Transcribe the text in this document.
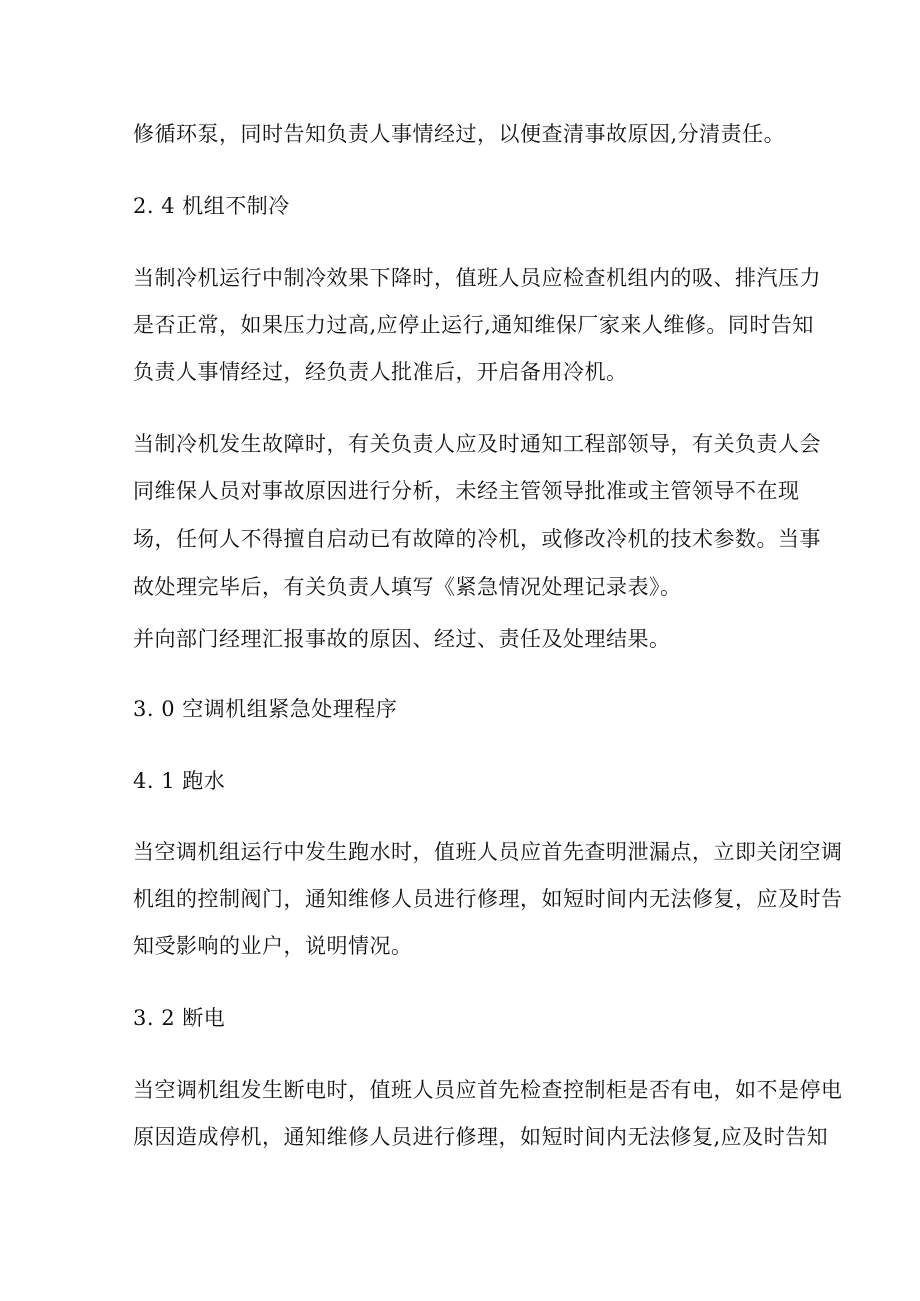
修循环泵，同时告知负责人事情经过，以便查清事故原因,分清责任。
2. 4 机组不制冷
当制冷机运行中制冷效果下降时，值班人员应检查机组内的吸、排汽压力
是否正常，如果压力过高,应停止运行,通知维保厂家来人维修。同时告知
负责人事情经过，经负责人批准后，开启备用冷机。
当制冷机发生故障时，有关负责人应及时通知工程部领导，有关负责人会
同维保人员对事故原因进行分析，未经主管领导批准或主管领导不在现
场，任何人不得擅自启动已有故障的冷机，或修改冷机的技术参数。当事
故处理完毕后，有关负责人填写《紧急情况处理记录表》。
并向部门经理汇报事故的原因、经过、责任及处理结果。
3. 0 空调机组紧急处理程序
4. 1 跑水
当空调机组运行中发生跑水时，值班人员应首先查明泄漏点，立即关闭空调
机组的控制阀门，通知维修人员进行修理，如短时间内无法修复，应及时告
知受影响的业户，说明情况。
3. 2 断电
当空调机组发生断电时，值班人员应首先检查控制柜是否有电，如不是停电
原因造成停机，通知维修人员进行修理，如短时间内无法修复,应及时告知
